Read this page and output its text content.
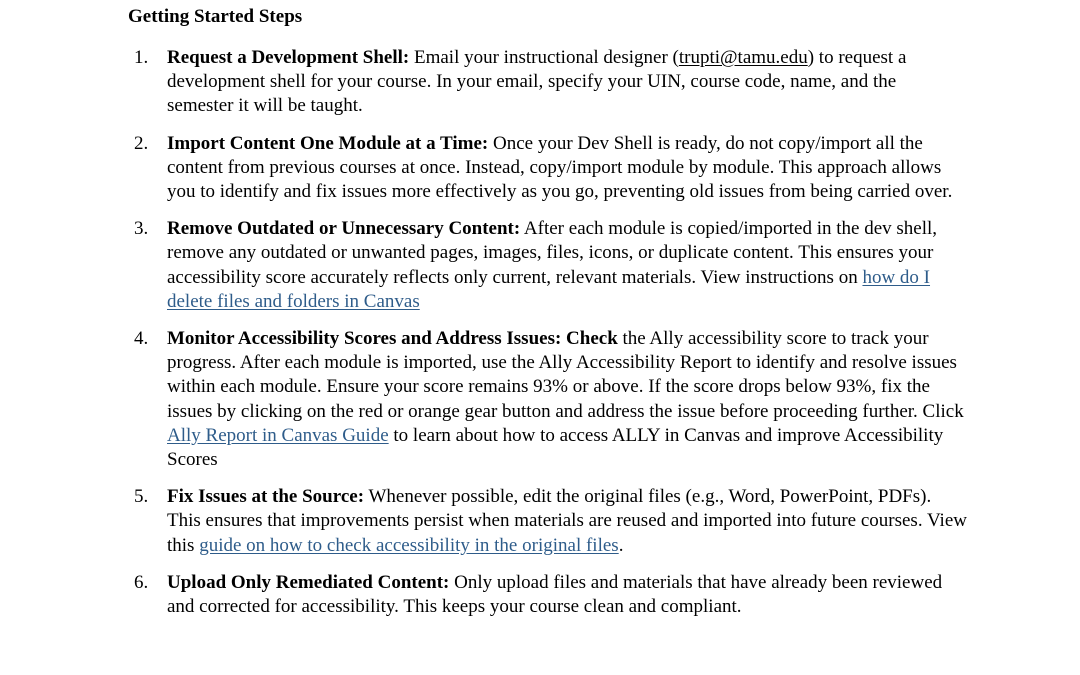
Getting Started Steps
1. Request a Development Shell: Email your instructional designer (trupti@tamu.edu) to request a development shell for your course. In your email, specify your UIN, course code, name, and the semester it will be taught.
2. Import Content One Module at a Time: Once your Dev Shell is ready, do not copy/import all the content from previous courses at once. Instead, copy/import module by module. This approach allows you to identify and fix issues more effectively as you go, preventing old issues from being carried over.
3. Remove Outdated or Unnecessary Content: After each module is copied/imported in the dev shell, remove any outdated or unwanted pages, images, files, icons, or duplicate content. This ensures your accessibility score accurately reflects only current, relevant materials. View instructions on how do I delete files and folders in Canvas
4. Monitor Accessibility Scores and Address Issues: Check the Ally accessibility score to track your progress. After each module is imported, use the Ally Accessibility Report to identify and resolve issues within each module. Ensure your score remains 93% or above. If the score drops below 93%, fix the issues by clicking on the red or orange gear button and address the issue before proceeding further. Click Ally Report in Canvas Guide to learn about how to access ALLY in Canvas and improve Accessibility Scores
5. Fix Issues at the Source: Whenever possible, edit the original files (e.g., Word, PowerPoint, PDFs). This ensures that improvements persist when materials are reused and imported into future courses. View this guide on how to check accessibility in the original files.
6. Upload Only Remediated Content: Only upload files and materials that have already been reviewed and corrected for accessibility. This keeps your course clean and compliant.
